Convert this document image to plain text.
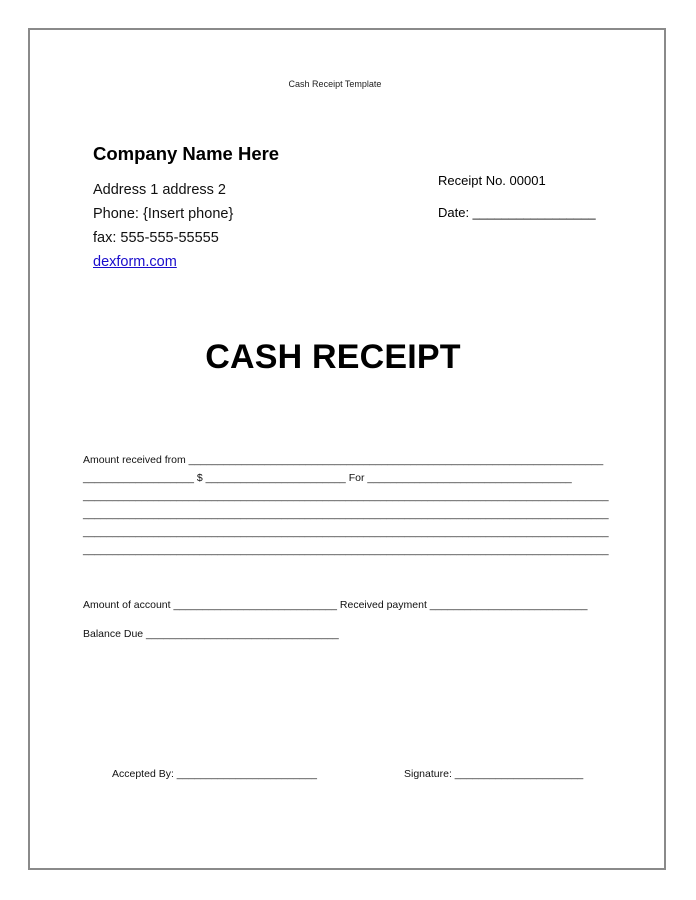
Cash Receipt Template
Company Name Here
Address 1 address 2
Phone: {Insert phone}
fax: 555-555-55555
dexform.com
Receipt No. 00001
Date: _________________
CASH RECEIPT
Amount received from _______________________________________________________________________
___________________ $ ________________________ For ___________________________________
__________________________________________________________________________________________
__________________________________________________________________________________________
__________________________________________________________________________________________
__________________________________________________________________________________________
Amount of account ____________________________ Received payment ___________________________
Balance Due _________________________________
Accepted By: ________________________	Signature: ______________________
